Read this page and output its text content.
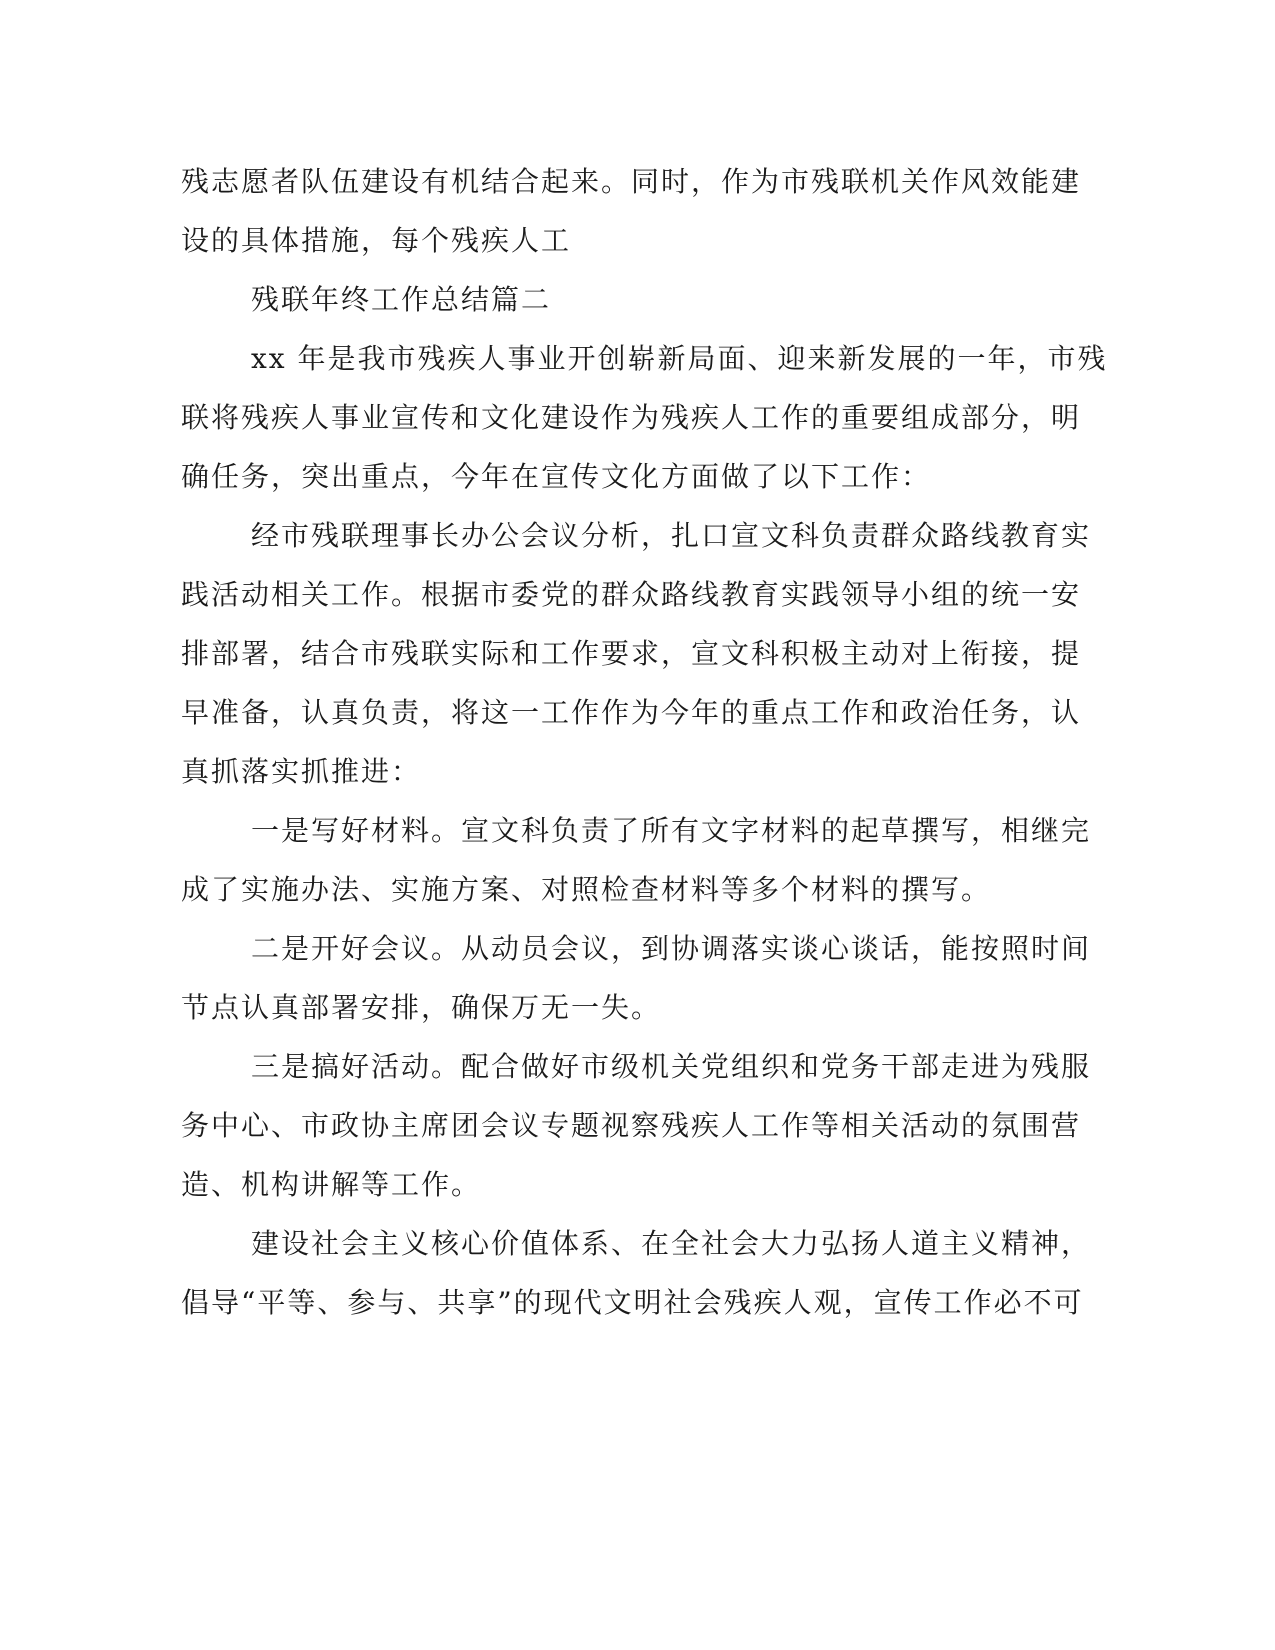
残志愿者队伍建设有机结合起来。同时，作为市残联机关作风效能建
设的具体措施，每个残疾人工
残联年终工作总结篇二
xx 年是我市残疾人事业开创崭新局面、迎来新发展的一年，市残
联将残疾人事业宣传和文化建设作为残疾人工作的重要组成部分，明
确任务，突出重点，今年在宣传文化方面做了以下工作：
经市残联理事长办公会议分析，扎口宣文科负责群众路线教育实
践活动相关工作。根据市委党的群众路线教育实践领导小组的统一安
排部署，结合市残联实际和工作要求，宣文科积极主动对上衔接，提
早准备，认真负责，将这一工作作为今年的重点工作和政治任务，认
真抓落实抓推进：
一是写好材料。宣文科负责了所有文字材料的起草撰写，相继完
成了实施办法、实施方案、对照检查材料等多个材料的撰写。
二是开好会议。从动员会议，到协调落实谈心谈话，能按照时间
节点认真部署安排，确保万无一失。
三是搞好活动。配合做好市级机关党组织和党务干部走进为残服
务中心、市政协主席团会议专题视察残疾人工作等相关活动的氛围营
造、机构讲解等工作。
建设社会主义核心价值体系、在全社会大力弘扬人道主义精神，
倡导“平等、参与、共享”的现代文明社会残疾人观，宣传工作必不可
